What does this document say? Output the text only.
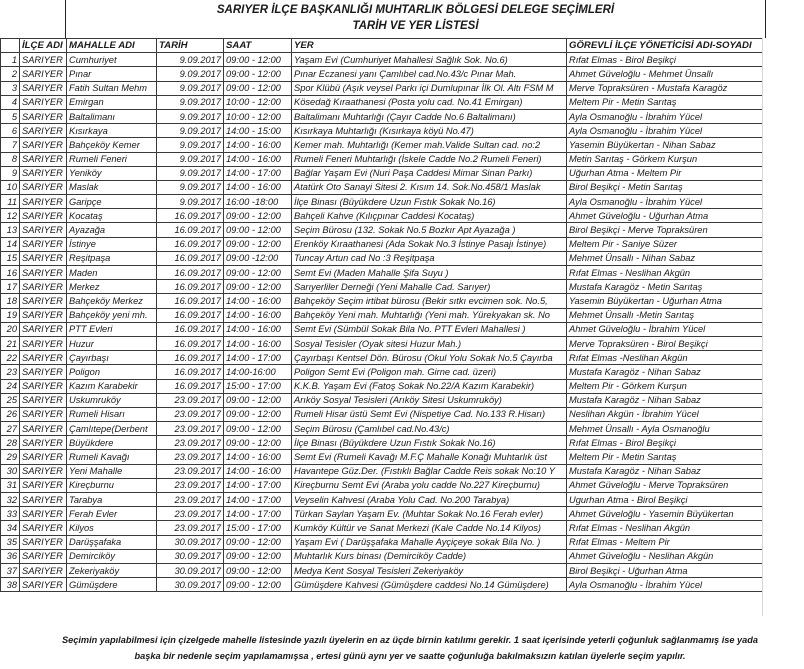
SARIYER İLÇE BAŞKANLIĞI MUHTARLIK BÖLGESİ DELEGE SEÇİMLERİ
TARİH VE YER LİSTESİ
	İLÇE ADI	MAHALLE ADI	TARİH	SAAT	YER	GÖREVLİ İLÇE YÖNETİCİSİ ADI-SOYADI
1	SARIYER	Cumhuriyet	9.09.2017	09:00 - 12:00	Yaşam Evi (Cumhuriyet Mahallesi Sağlık Sok. No.6)	Rıfat Elmas - Birol Beşikçi
2	SARIYER	Pınar	9.09.2017	09:00 - 12:00	Pınar Eczanesi yanı Çamlıbel cad.No.43/c Pınar Mah.	Ahmet Güveloğlu - Mehmet Ünsallı
3	SARIYER	Fatih Sultan Mehm	9.09.2017	09:00 - 12:00	Spor Klübü (Aşık veysel Parkı içi Dumlupınar İlk Ol. Altı FSM M	Merve Topraksüren - Mustafa Karagöz
4	SARIYER	Emirgan	9.09.2017	10:00 - 12:00	Kösedağ Kıraathanesi (Posta yolu cad. No.41 Emirgan)	Meltem Pir - Metin Sarıtaş
5	SARIYER	Baltalimanı	9.09.2017	10:00 - 12:00	Baltalimanı Muhtarlığı (Çayır Cadde No.6 Baltalimanı)	Ayla Osmanoğlu - İbrahim Yücel
6	SARIYER	Kısırkaya	9.09.2017	14:00 - 15:00	Kısırkaya Muhtarlığı (Kısırkaya köyü No.47)	Ayla Osmanoğlu - İbrahim Yücel
7	SARIYER	Bahçeköy Kemer	9.09.2017	14:00 - 16:00	Kemer mah. Muhtarlığı (Kemer mah.Valide Sultan cad. no:2	Yasemin Büyükertan - Nihan Sabaz
8	SARIYER	Rumeli Feneri	9.09.2017	14:00 - 16:00	Rumeli Feneri Muhtarlığı (İskele Cadde No.2 Rumeli Feneri)	Metin Sarıtaş - Görkem Kurşun
9	SARIYER	Yeniköy	9.09.2017	14:00 - 17:00	Bağlar Yaşam Evi (Nuri Paşa Caddesi Mimar Sinan Parkı)	Uğurhan Atma - Meltem Pir
10	SARIYER	Maslak	9.09.2017	14:00 - 16:00	Atatürk Oto Sanayi Sitesi 2. Kısım 14. Sok.No.458/1 Maslak	Birol Beşikçi - Metin Sarıtaş
11	SARIYER	Garipçe	9.09.2017	16:00 -18:00	İlçe Binası (Büyükdere Uzun Fıstık Sokak No.16)	Ayla Osmanoğlu - İbrahim Yücel
12	SARIYER	Kocataş	16.09.2017	09:00 - 12:00	Bahçeli Kahve (Kılıçpınar Caddesi Kocataş)	Ahmet Güveloğlu - Uğurhan Atma
13	SARIYER	Ayazağa	16.09.2017	09:00 - 12:00	Seçim Bürosu (132. Sokak No.5 Bozkır Apt Ayazağa )	Birol Beşikçi - Merve Topraksüren
14	SARIYER	İstinye	16.09.2017	09:00 - 12:00	Erenköy Kıraathanesi (Ada Sokak No.3 İstinye Pasajı İstinye)	Meltem Pir - Saniye Süzer
15	SARIYER	Reşitpaşa	16.09.2017	09:00 -12:00	Tuncay Artun cad No :3 Reşitpaşa	Mehmet Ünsallı - Nihan Sabaz
16	SARIYER	Maden	16.09.2017	09:00 - 12:00	Semt Evi (Maden Mahalle Şifa Suyu )	Rıfat Elmas - Neslihan Akgün
17	SARIYER	Merkez	16.09.2017	09:00 - 12:00	Sarıyerliler Derneği (Yeni Mahalle Cad. Sarıyer)	Mustafa Karagöz - Metin Sarıtaş
18	SARIYER	Bahçeköy Merkez	16.09.2017	14:00 - 16:00	Bahçeköy Seçim irtibat bürosu (Bekir sıtkı evcimen sok. No.5,	Yasemin Büyükertan - Uğurhan Atma
19	SARIYER	Bahçeköy yeni mh.	16.09.2017	14:00 - 16:00	Bahçeköy Yeni mah. Muhtarlığı (Yeni mah. Yürekyakan sk. No	Mehmet Ünsallı -Metin Sarıtaş
20	SARIYER	PTT Evleri	16.09.2017	14:00 - 16:00	Semt Evi (Sümbül Sokak Bila No. PTT Evleri Mahallesi )	Ahmet Güveloğlu - İbrahim Yücel
21	SARIYER	Huzur	16.09.2017	14:00 - 16:00	Sosyal Tesisler (Oyak sitesi Huzur Mah.)	Merve Topraksüren - Birol Beşikçi
22	SARIYER	Çayırbaşı	16.09.2017	14:00 - 17:00	Çayırbaşı Kentsel Dön. Bürosu (Okul Yolu Sokak No.5 Çayırba	Rıfat Elmas -Neslihan Akgün
23	SARIYER	Poligon	16.09.2017	14:00-16:00	Poligon Semt Evi (Poligon mah. Girne cad. üzeri)	Mustafa Karagöz - Nihan Sabaz
24	SARIYER	Kazım Karabekir	16.09.2017	15:00 - 17:00	K.K.B. Yaşam Evi (Fatoş Sokak No.22/A Kazım Karabekir)	Meltem Pir - Görkem Kurşun
25	SARIYER	Uskumruköy	23.09.2017	09:00 - 12:00	Arıköy Sosyal Tesisleri (Arıköy Sitesi Uskumruköy)	Mustafa Karagöz - Nihan Sabaz
26	SARIYER	Rumeli Hisarı	23.09.2017	09:00 - 12:00	Rumeli Hisar üstü Semt Evi (Nispetiye Cad. No.133 R.Hisarı)	Neslihan Akgün - İbrahim Yücel
27	SARIYER	Çamlıtepe(Derbent	23.09.2017	09:00 - 12:00	Seçim Bürosu (Çamlıbel cad.No.43/c)	Mehmet Ünsallı - Ayla Osmanoğlu
28	SARIYER	Büyükdere	23.09.2017	09:00 - 12:00	İlçe Binası (Büyükdere Uzun Fıstık Sokak No.16)	Rıfat Elmas - Birol Beşikçi
29	SARIYER	Rumeli Kavağı	23.09.2017	14:00 - 16:00	Semt Evi (Rumeli Kavağı M.F.Ç Mahalle Konağı Muhtarlık üst	Meltem Pir - Metin Sarıtaş
30	SARIYER	Yeni Mahalle	23.09.2017	14:00 - 16:00	Havantepe Güz.Der. (Fıstıklı Bağlar Cadde Reis sokak No:10 Y	Mustafa Karagöz - Nihan Sabaz
31	SARIYER	Kireçburnu	23.09.2017	14:00 - 17:00	Kireçburnu Semt Evi (Araba yolu cadde No.227 Kireçburnu)	Ahmet Güveloğlu - Merve Topraksüren
32	SARIYER	Tarabya	23.09.2017	14:00 - 17:00	Veyselin Kahvesi (Araba Yolu Cad. No.200 Tarabya)	Ugurhan Atma - Birol Beşikçi
33	SARIYER	Ferah Evler	23.09.2017	14:00 - 17:00	Türkan Saylan Yaşam Ev. (Muhtar Sokak No.16 Ferah evler)	Ahmet Güveloğlu - Yasemin Büyükertan
34	SARIYER	Kilyos	23.09.2017	15:00 - 17:00	Kumköy Kültür ve Sanat Merkezi (Kale Cadde No.14 Kilyos)	Rıfat Elmas - Neslihan Akgün
35	SARIYER	Darüşşafaka	30.09.2017	09:00 - 12:00	Yaşam Evi ( Darüşşafaka Mahalle Ayçiçeye sokak Bila No. )	Rıfat Elmas - Meltem Pir
36	SARIYER	Demirciköy	30.09.2017	09:00 - 12:00	Muhtarlık Kurs binası (Demirciköy Cadde)	Ahmet Güveloğlu - Neslihan Akgün
37	SARIYER	Zekeriyaköy	30.09.2017	09:00 - 12:00	Medya Kent Sosyal Tesisleri Zekeriyaköy	Birol Beşikçi - Uğurhan Atma
38	SARIYER	Gümüşdere	30.09.2017	09:00 - 12:00	Gümüşdere Kahvesi (Gümüşdere caddesi No.14 Gümüşdere)	Ayla Osmanoğlu - İbrahim Yücel
Seçimin yapılabilmesi için çizelgede mahelle listesinde yazılı üyelerin en az üçde birnin katılımı gerekir. 1 saat içerisinde yeterli çoğunluk sağlanmamış ise yada
başka bir nedenle seçim yapılamamışsa , ertesi günü aynı yer ve saatte çoğunluğa bakılmaksızın katılan üyelerle seçim yapılır.
